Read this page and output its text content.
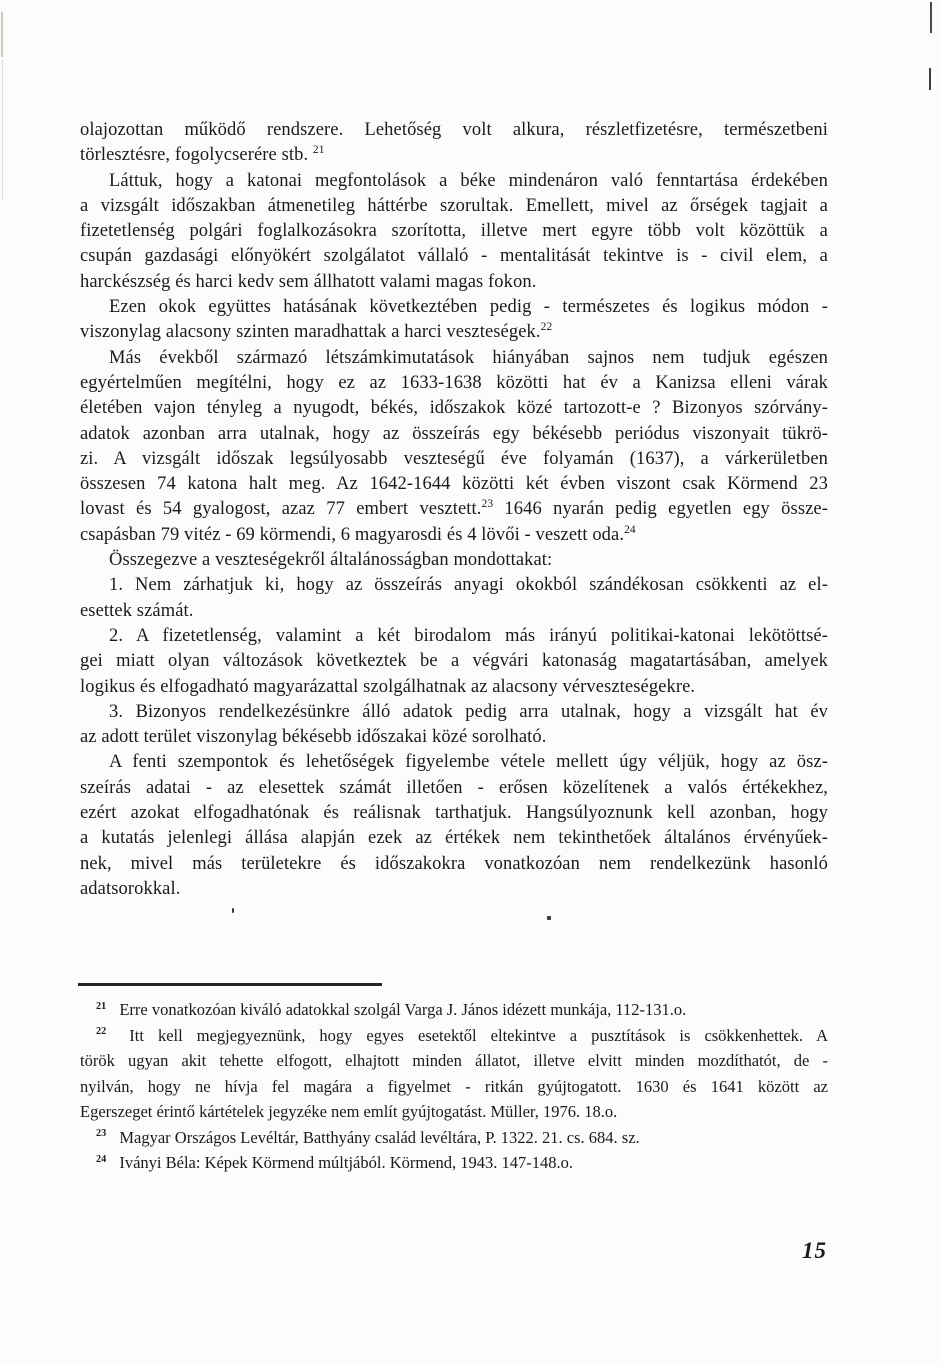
olajozottan működő rendszere. Lehetőség volt alkura, részletfizetésre, természetbeni
törlesztésre, fogolycserére stb. $^{21}$
Láttuk, hogy a katonai megfontolások a béke mindenáron való fenntartása érdekében
a vizsgált időszakban átmenetileg háttérbe szorultak. Emellett, mivel az őrségek tagjait a
fizetetlenség polgári foglalkozásokra szorította, illetve mert egyre több volt közöttük a
csupán gazdasági előnyökért szolgálatot vállaló - mentalitását tekintve is - civil elem, a
harckészség és harci kedv sem állhatott valami magas fokon.
Ezen okok együttes hatásának következtében pedig - természetes és logikus módon -
viszonylag alacsony szinten maradhattak a harci veszteségek.$^{22}$
Más évekből származó létszámkimutatások hiányában sajnos nem tudjuk egészen
egyértelműen megítélni, hogy ez az 1633-1638 közötti hat év a Kanizsa elleni várak
életében vajon tényleg a nyugodt, békés, időszakok közé tartozott-e ? Bizonyos szórvány-
adatok azonban arra utalnak, hogy az összeírás egy békésebb periódus viszonyait tükrö-
zi. A vizsgált időszak legsúlyosabb veszteségű éve folyamán (1637), a várkerületben
összesen 74 katona halt meg. Az 1642-1644 közötti két évben viszont csak Körmend 23
lovast és 54 gyalogost, azaz 77 embert vesztett.$^{23}$ 1646 nyarán pedig egyetlen egy össze-
csapásban 79 vitéz - 69 körmendi, 6 magyarosdi és 4 lövői - veszett oda.$^{24}$
Összegezve a veszteségekről általánosságban mondottakat:
1. Nem zárhatjuk ki, hogy az összeírás anyagi okokból szándékosan csökkenti az el-
esettek számát.
2. A fizetetlenség, valamint a két birodalom más irányú politikai-katonai lekötöttsé-
gei miatt olyan változások következtek be a végvári katonaság magatartásában, amelyek
logikus és elfogadható magyarázattal szolgálhatnak az alacsony vérveszteségekre.
3. Bizonyos rendelkezésünkre álló adatok pedig arra utalnak, hogy a vizsgált hat év
az adott terület viszonylag békésebb időszakai közé sorolható.
A fenti szempontok és lehetőségek figyelembe vétele mellett úgy véljük, hogy az ösz-
szeírás adatai - az elesettek számát illetően - erősen közelítenek a valós értékekhez,
ezért azokat elfogadhatónak és reálisnak tarthatjuk. Hangsúlyoznunk kell azonban, hogy
a kutatás jelenlegi állása alapján ezek az értékek nem tekinthetőek általános érvényűek-
nek, mivel más területekre és időszakokra vonatkozóan nem rendelkezünk hasonló
adatsorokkal.
$^{21}$ Erre vonatkozóan kiváló adatokkal szolgál Varga J. János idézett munkája, 112-131.o.
$^{22}$ Itt kell megjegyeznünk, hogy egyes esetektől eltekintve a pusztítások is csökkenhettek. A
török ugyan akit tehette elfogott, elhajtott minden állatot, illetve elvitt minden mozdíthatót, de -
nyilván, hogy ne hívja fel magára a figyelmet - ritkán gyújtogatott. 1630 és 1641 között az
Egerszeget érintő kártételek jegyzéke nem említ gyújtogatást. Müller, 1976. 18.o.
$^{23}$ Magyar Országos Levéltár, Batthyány család levéltára, P. 1322. 21. cs. 684. sz.
$^{24}$ Iványi Béla: Képek Körmend múltjából. Körmend, 1943. 147-148.o.
15
